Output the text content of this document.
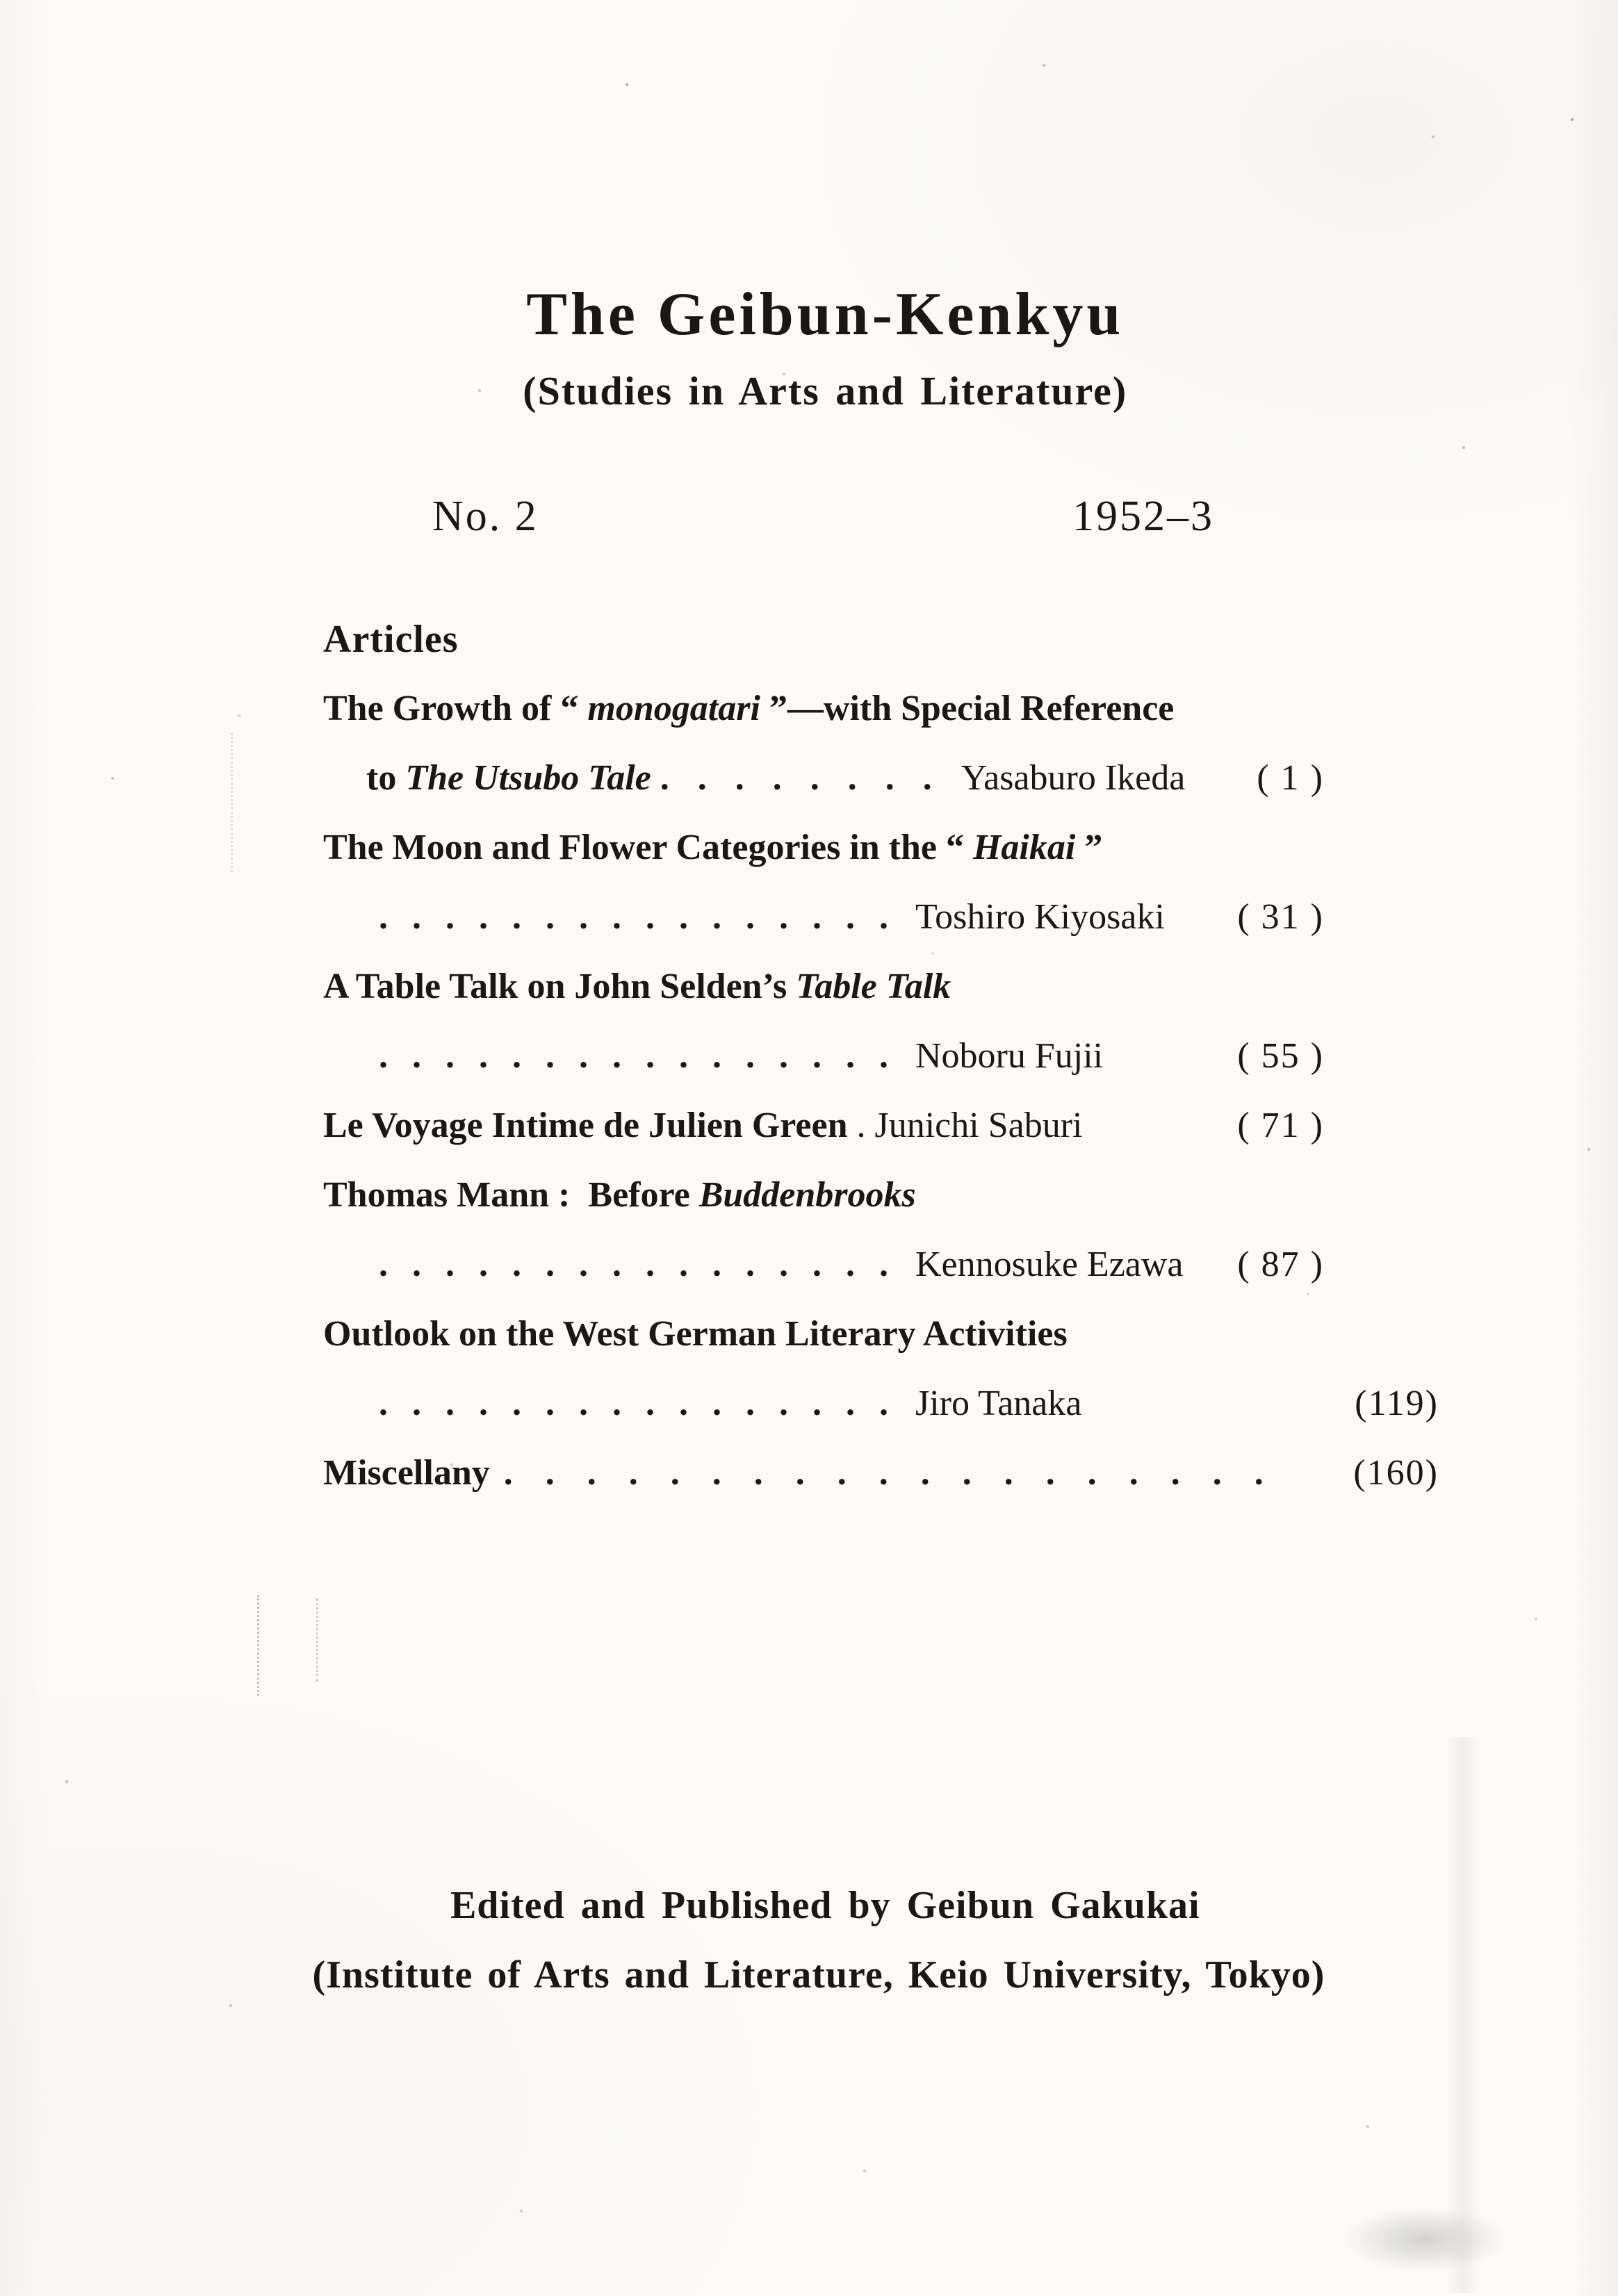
The Geibun-Kenkyu
(Studies in Arts and Literature)
No. 2	1952–3
Articles
The Growth of “ monogatari ”—with Special Reference
to The Utsubo Tale . . . . . . . . Yasaburo Ikeda ( 1 )
The Moon and Flower Categories in the “ Haikai ”
. . . . . . . . . . . . . . . . Toshiro Kiyosaki ( 31 )
A Table Talk on John Selden’s Table Talk
. . . . . . . . . . . . . . . . Noboru Fujii	( 55 )
Le Voyage Intime de Julien Green . Junichi Saburi	( 71 )
Thomas Mann : Before Buddenbrooks
. . . . . . . . . . . . . . . . Kennosuke Ezawa ( 87 )
Outlook on the West German Literary Activities
. . . . . . . . . . . . . . . . Jiro Tanaka	(119)
Miscellany . . . . . . . . . . . . . . . . . . . (160)
Edited and Published by Geibun Gakukai
(Institute of Arts and Literature, Keio University, Tokyo)
